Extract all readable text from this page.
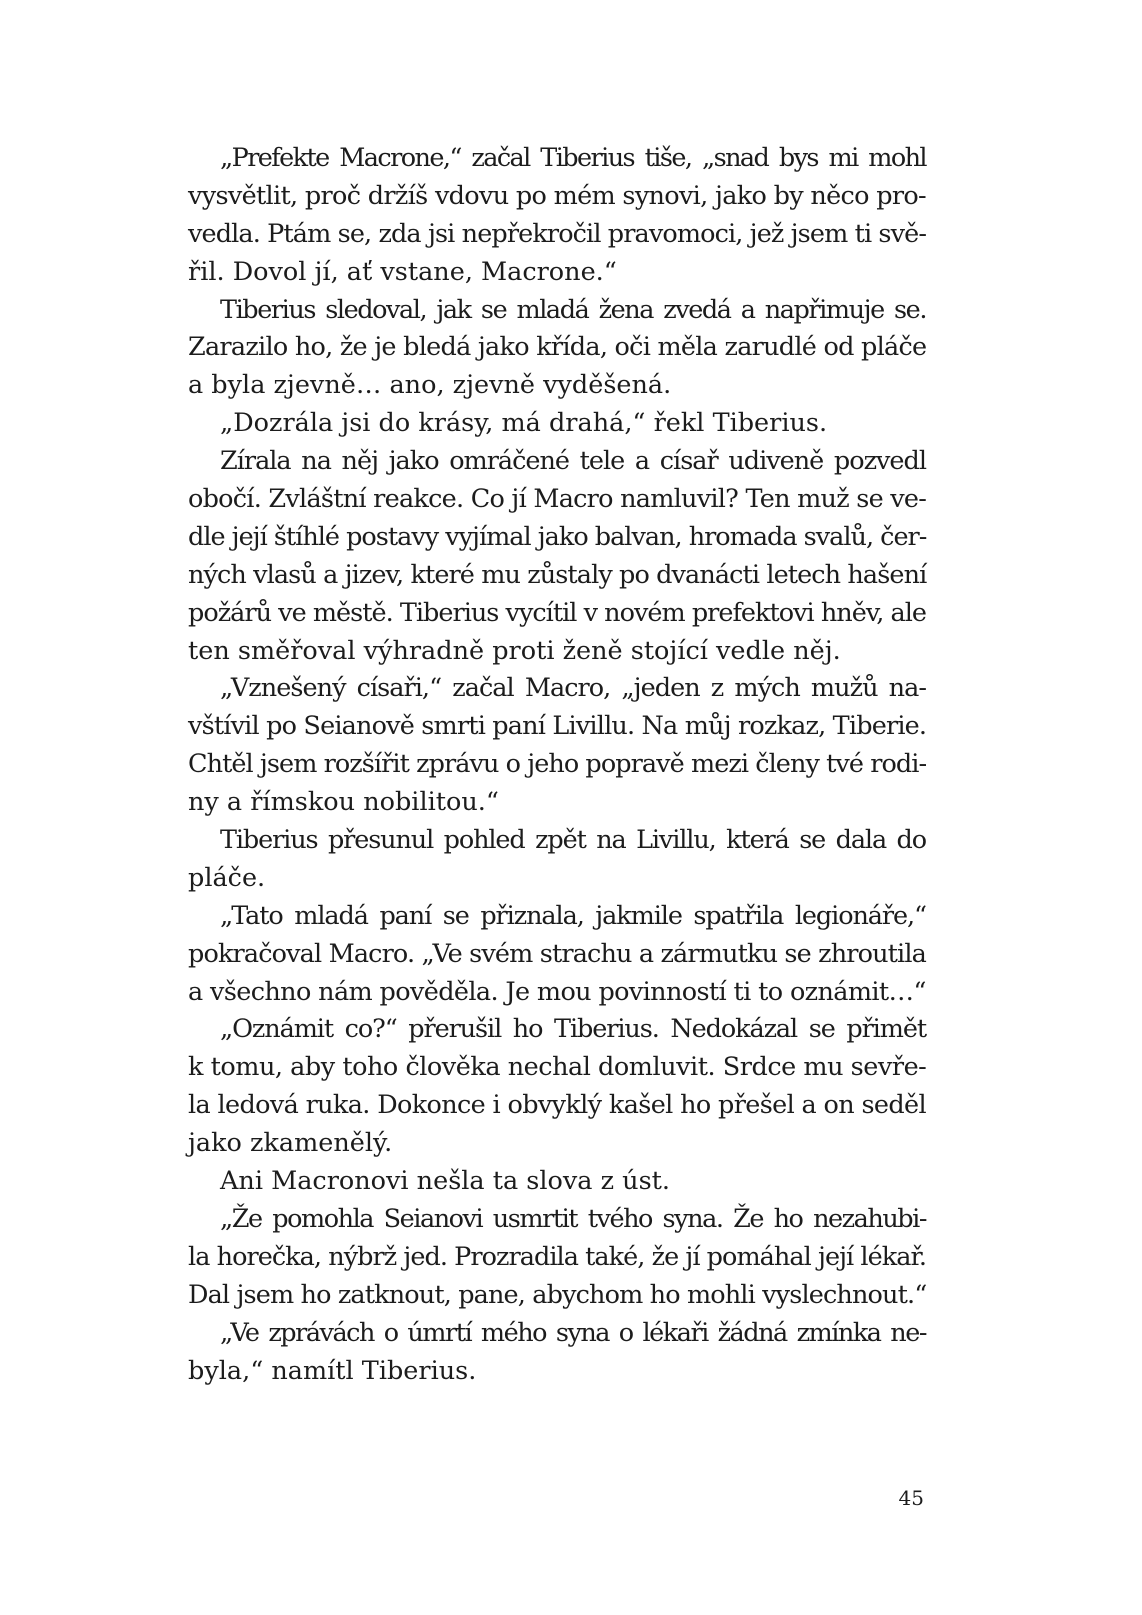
„Prefekte Macrone,“ začal Tiberius tiše, „snad bys mi mohl
vysvětlit, proč držíš vdovu po mém synovi, jako by něco pro-
vedla. Ptám se, zda jsi nepřekročil pravomoci, jež jsem ti svě-
řil. Dovol jí, ať vstane, Macrone.“
Tiberius sledoval, jak se mladá žena zvedá a napřimuje se.
Zarazilo ho, že je bledá jako křída, oči měla zarudlé od pláče
a byla zjevně… ano, zjevně vyděšená.
„Dozrála jsi do krásy, má drahá,“ řekl Tiberius.
Zírala na něj jako omráčené tele a císař udiveně pozvedl
obočí. Zvláštní reakce. Co jí Macro namluvil? Ten muž se ve-
dle její štíhlé postavy vyjímal jako balvan, hromada svalů, čer-
ných vlasů a jizev, které mu zůstaly po dvanácti letech hašení
požárů ve městě. Tiberius vycítil v novém prefektovi hněv, ale
ten směřoval výhradně proti ženě stojící vedle něj.
„Vznešený císaři,“ začal Macro, „jeden z mých mužů na-
vštívil po Seianově smrti paní Livillu. Na můj rozkaz, Tiberie.
Chtěl jsem rozšířit zprávu o jeho popravě mezi členy tvé rodi-
ny a římskou nobilitou.“
Tiberius přesunul pohled zpět na Livillu, která se dala do
pláče.
„Tato mladá paní se přiznala, jakmile spatřila legionáře,“
pokračoval Macro. „Ve svém strachu a zármutku se zhroutila
a všechno nám pověděla. Je mou povinností ti to oznámit…“
„Oznámit co?“ přerušil ho Tiberius. Nedokázal se přimět
k tomu, aby toho člověka nechal domluvit. Srdce mu sevře-
la ledová ruka. Dokonce i obvyklý kašel ho přešel a on seděl
jako zkamenělý.
Ani Macronovi nešla ta slova z úst.
„Že pomohla Seianovi usmrtit tvého syna. Že ho nezahubi-
la horečka, nýbrž jed. Prozradila také, že jí pomáhal její lékař.
Dal jsem ho zatknout, pane, abychom ho mohli vyslechnout.“
„Ve zprávách o úmrtí mého syna o lékaři žádná zmínka ne-
byla,“ namítl Tiberius.
45
